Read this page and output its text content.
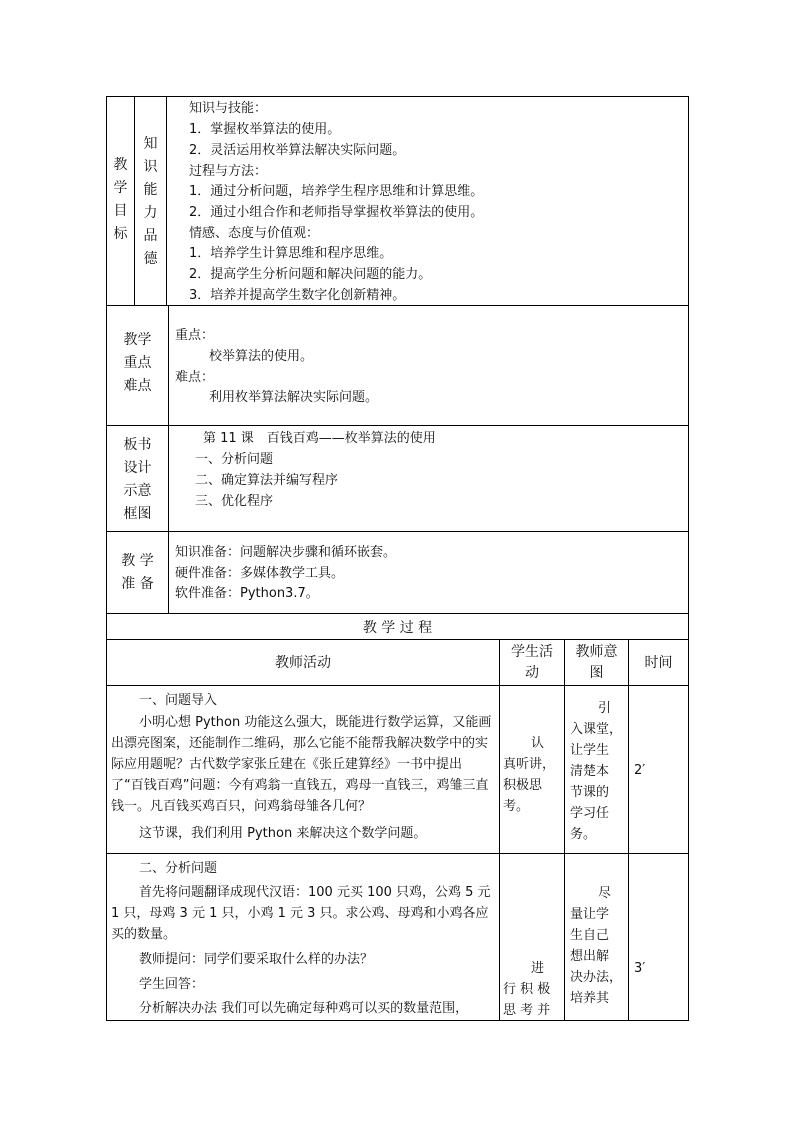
教
学
目
标
知
识
能
力
品
德
知识与技能：
1．掌握枚举算法的使用。
2．灵活运用枚举算法解决实际问题。
过程与方法：
1．通过分析问题，培养学生程序思维和计算思维。
2．通过小组合作和老师指导掌握枚举算法的使用。
情感、态度与价值观：
1．培养学生计算思维和程序思维。
2．提高学生分析问题和解决问题的能力。
3．培养并提高学生数字化创新精神。
教学
重点
难点
重点：
校举算法的使用。
难点：
利用枚举算法解决实际问题。
板书
设计
示意
框图
第 11 课　百钱百鸡——枚举算法的使用
一、分析问题
二、确定算法并编写程序
三、优化程序
教 学
准 备
知识准备：问题解决步骤和循环嵌套。
硬件准备：多媒体教学工具。
软件准备：Python3.7。
教 学 过 程
教师活动
学生活
动
教师意
图
时间
一、问题导入
小明心想 Python 功能这么强大，既能进行数学运算，又能画出漂亮图案，还能制作二维码，那么它能不能帮我解决数学中的实际应用题呢？古代数学家张丘建在《张丘建算经》一书中提出了“百钱百鸡”问题：今有鸡翁一直钱五，鸡母一直钱三，鸡雏三直钱一。凡百钱买鸡百只，问鸡翁母雏各几何？
这节课，我们利用 Python 来解决这个数学问题。
认
真听讲，
积极思
考。
引
入课堂，
让学生
清楚本
节课的
学习任
务。
2′
二、分析问题
首先将问题翻译成现代汉语：100 元买 100 只鸡，公鸡 5 元 1 只，母鸡 3 元 1 只，小鸡 1 元 3 只。求公鸡、母鸡和小鸡各应买的数量。
教师提问：同学们要采取什么样的办法？
学生回答：
分析解决办法 我们可以先确定每种鸡可以买的数量范围，
进
行 积 极
思 考 并
尽
量让学
生自己
想出解
决办法，
培养其
3′
